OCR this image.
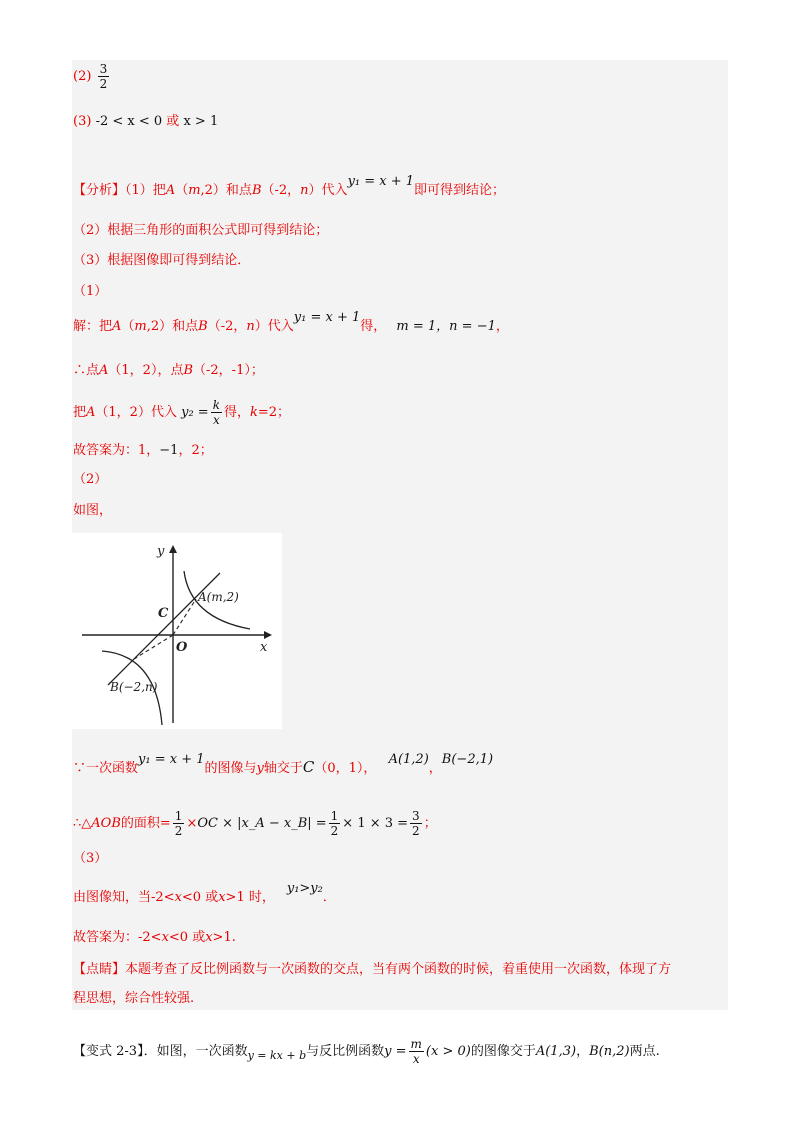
$(2) \frac{3}{2}$
(3) -2 < x < 0 或 x > 1
【分析】（1）把A（m,2）和点B（-2，n）代入y₁ = x + 1即可得到结论；
（2）根据三角形的面积公式即可得到结论；
（3）根据图像即可得到结论．
（1）
解：把A（m,2）和点B（-2，n）代入y₁ = x + 1得， m = 1，n = −1，
∴点A（1，2），点B（-2，-1）；
把A（1，2）代入 $y_2 = \frac{k}{x}$ 得，k=2；
故答案为：1，−1，2；
（2）
如图，
y
x
C
O
A(m,2)
B(−2,n)
∵一次函数y₁ = x + 1的图像与y轴交于C（0，1）， A(1,2)，B(−2,1)
∴△AOB的面积= $\frac{1}{2} \times OC$ × |x_A − x_B| = $\frac{1}{2} \times 1 \times 3 = \frac{3}{2}$ ；
（3）
由图像知，当-2<x<0 或x>1 时，y₁>y₂．
故答案为：-2<x<0 或x>1.
【点睛】本题考查了反比例函数与一次函数的交点，当有两个函数的时候，着重使用一次函数，体现了方
程思想，综合性较强.
【变式 2-3】．如图，一次函数$_{y = kx + b}$与反比例函数$y = \frac{m}{x} (x > 0)$的图像交于A(1,3)，B(n,2)两点.
